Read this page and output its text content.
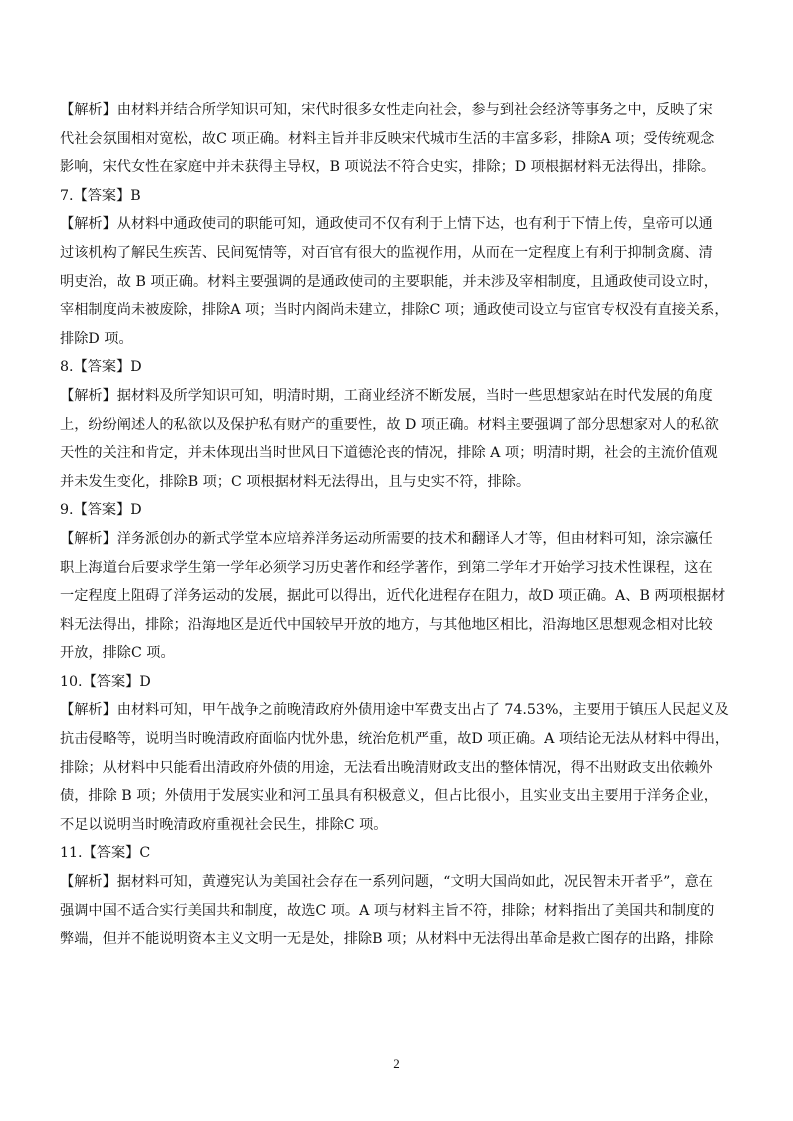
【解析】由材料并结合所学知识可知，宋代时很多女性走向社会，参与到社会经济等事务之中，反映了宋
代社会氛围相对宽松，故C 项正确。材料主旨并非反映宋代城市生活的丰富多彩，排除A 项；受传统观念
影响，宋代女性在家庭中并未获得主导权，B 项说法不符合史实，排除；D 项根据材料无法得出，排除。
7.【答案】B
【解析】从材料中通政使司的职能可知，通政使司不仅有利于上情下达，也有利于下情上传，皇帝可以通
过该机构了解民生疾苦、民间冤情等，对百官有很大的监视作用，从而在一定程度上有利于抑制贪腐、清
明吏治，故 B 项正确。材料主要强调的是通政使司的主要职能，并未涉及宰相制度，且通政使司设立时，
宰相制度尚未被废除，排除A 项；当时内阁尚未建立，排除C 项；通政使司设立与宦官专权没有直接关系，
排除D 项。
8.【答案】D
【解析】据材料及所学知识可知，明清时期，工商业经济不断发展，当时一些思想家站在时代发展的角度
上，纷纷阐述人的私欲以及保护私有财产的重要性，故 D 项正确。材料主要强调了部分思想家对人的私欲
天性的关注和肯定，并未体现出当时世风日下道德沦丧的情况，排除 A 项；明清时期，社会的主流价值观
并未发生变化，排除B 项；C 项根据材料无法得出，且与史实不符，排除。
9.【答案】D
【解析】洋务派创办的新式学堂本应培养洋务运动所需要的技术和翻译人才等，但由材料可知，涂宗瀛任
职上海道台后要求学生第一学年必须学习历史著作和经学著作，到第二学年才开始学习技术性课程，这在
一定程度上阻碍了洋务运动的发展，据此可以得出，近代化进程存在阻力，故D 项正确。A、B 两项根据材
料无法得出，排除；沿海地区是近代中国较早开放的地方，与其他地区相比，沿海地区思想观念相对比较
开放，排除C 项。
10.【答案】D
【解析】由材料可知，甲午战争之前晚清政府外债用途中军费支出占了 74.53%，主要用于镇压人民起义及
抗击侵略等，说明当时晚清政府面临内忧外患，统治危机严重，故D 项正确。A 项结论无法从材料中得出，
排除；从材料中只能看出清政府外债的用途，无法看出晚清财政支出的整体情况，得不出财政支出依赖外
债，排除 B 项；外债用于发展实业和河工虽具有积极意义，但占比很小，且实业支出主要用于洋务企业，
不足以说明当时晚清政府重视社会民生，排除C 项。
11.【答案】C
【解析】据材料可知，黄遵宪认为美国社会存在一系列问题，“文明大国尚如此，况民智未开者乎”，意在
强调中国不适合实行美国共和制度，故选C 项。A 项与材料主旨不符，排除；材料指出了美国共和制度的
弊端，但并不能说明资本主义文明一无是处，排除B 项；从材料中无法得出革命是救亡图存的出路，排除
2
